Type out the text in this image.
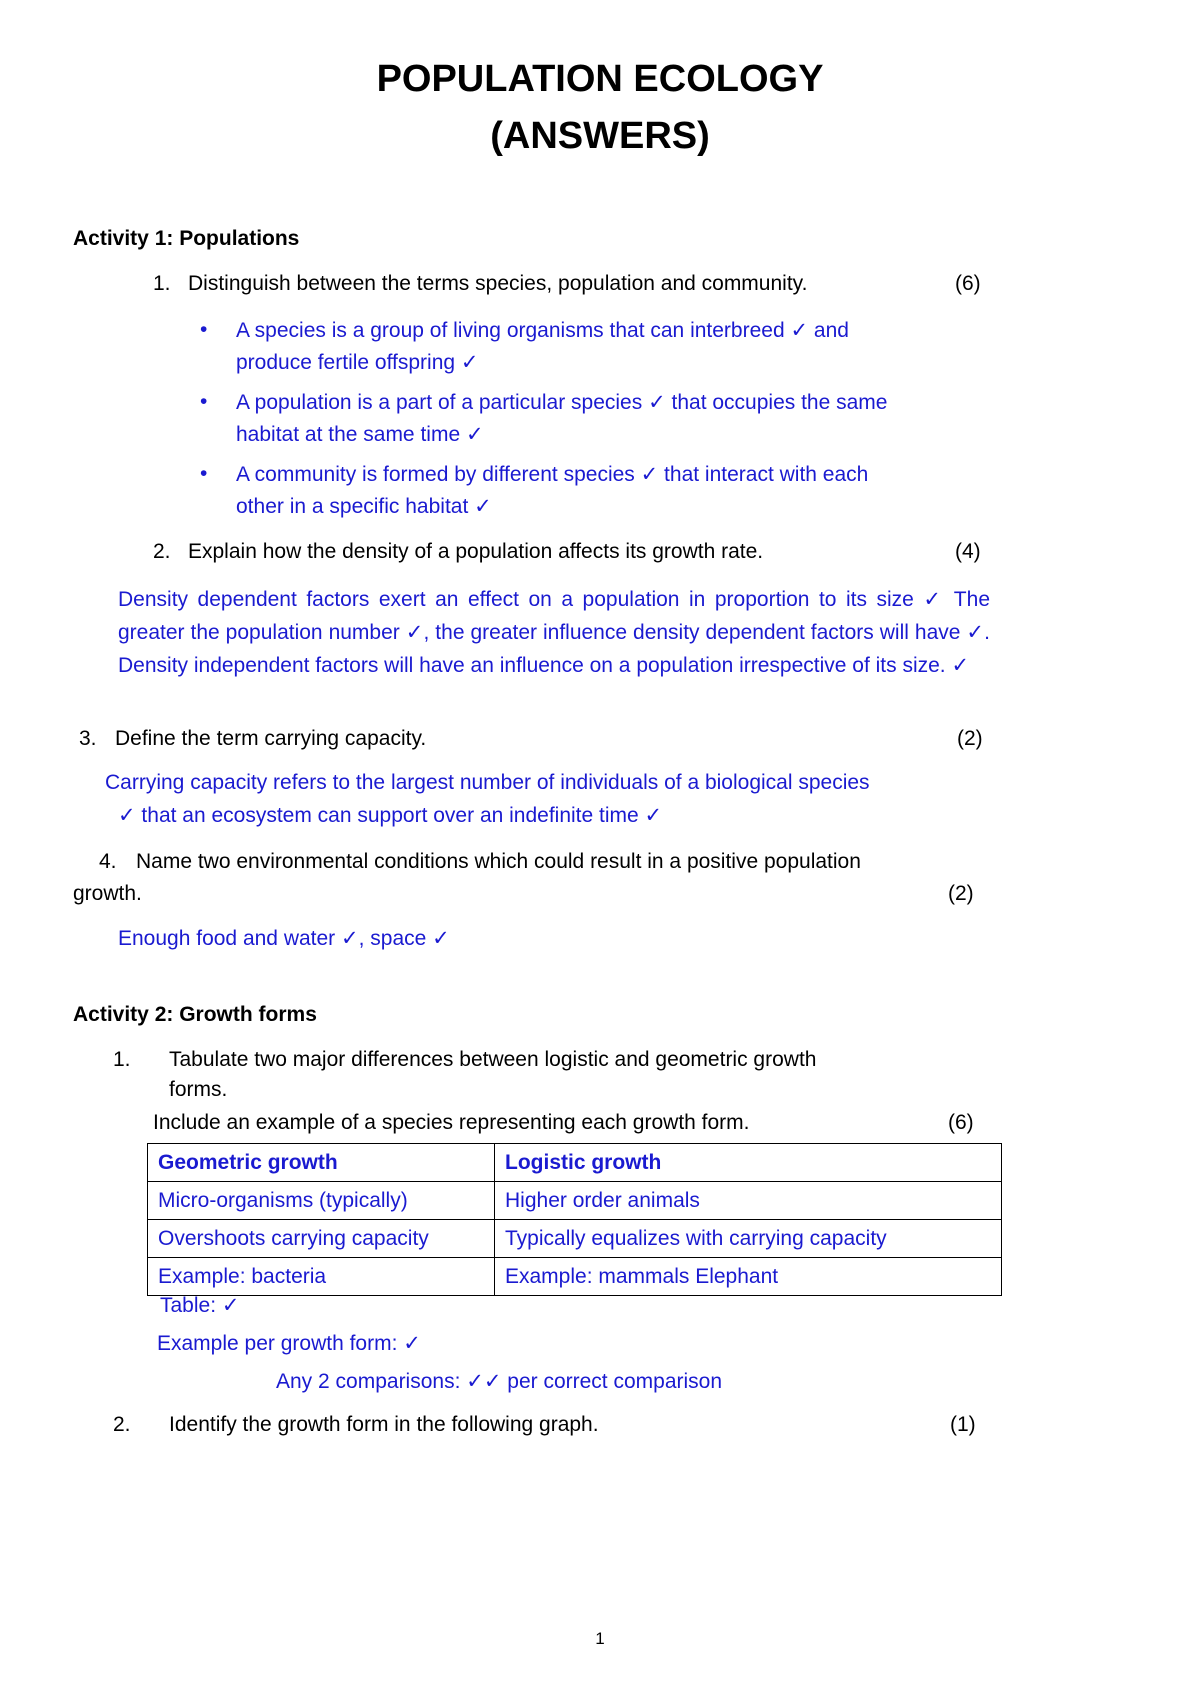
POPULATION ECOLOGY
(ANSWERS)
Activity 1: Populations
1. Distinguish between the terms species, population and community.	(6)
• A species is a group of living organisms that can interbreed ✓ and
produce fertile offspring ✓
• A population is a part of a particular species ✓ that occupies the same
habitat at the same time ✓
• A community is formed by different species ✓ that interact with each
other in a specific habitat ✓
2. Explain how the density of a population affects its growth rate.	(4)
Density dependent factors exert an effect on a population in proportion to its size ✓ The greater the population number ✓, the greater influence density dependent factors will have ✓. Density independent factors will have an influence on a population irrespective of its size. ✓
3. Define the term carrying capacity.	(2)
Carrying capacity refers to the largest number of individuals of a biological species
✓ that an ecosystem can support over an indefinite time ✓
4. Name two environmental conditions which could result in a positive population
growth.	(2)
Enough food and water ✓, space ✓
Activity 2: Growth forms
1. Tabulate two major differences between logistic and geometric growth
forms.
Include an example of a species representing each growth form.	(6)
Geometric growth	Logistic growth
Micro-organisms (typically)	Higher order animals
Overshoots carrying capacity	Typically equalizes with carrying capacity
Example: bacteria	Example: mammals Elephant
Table: ✓
Example per growth form: ✓
Any 2 comparisons: ✓✓ per correct comparison
2. Identify the growth form in the following graph.	(1)
1
